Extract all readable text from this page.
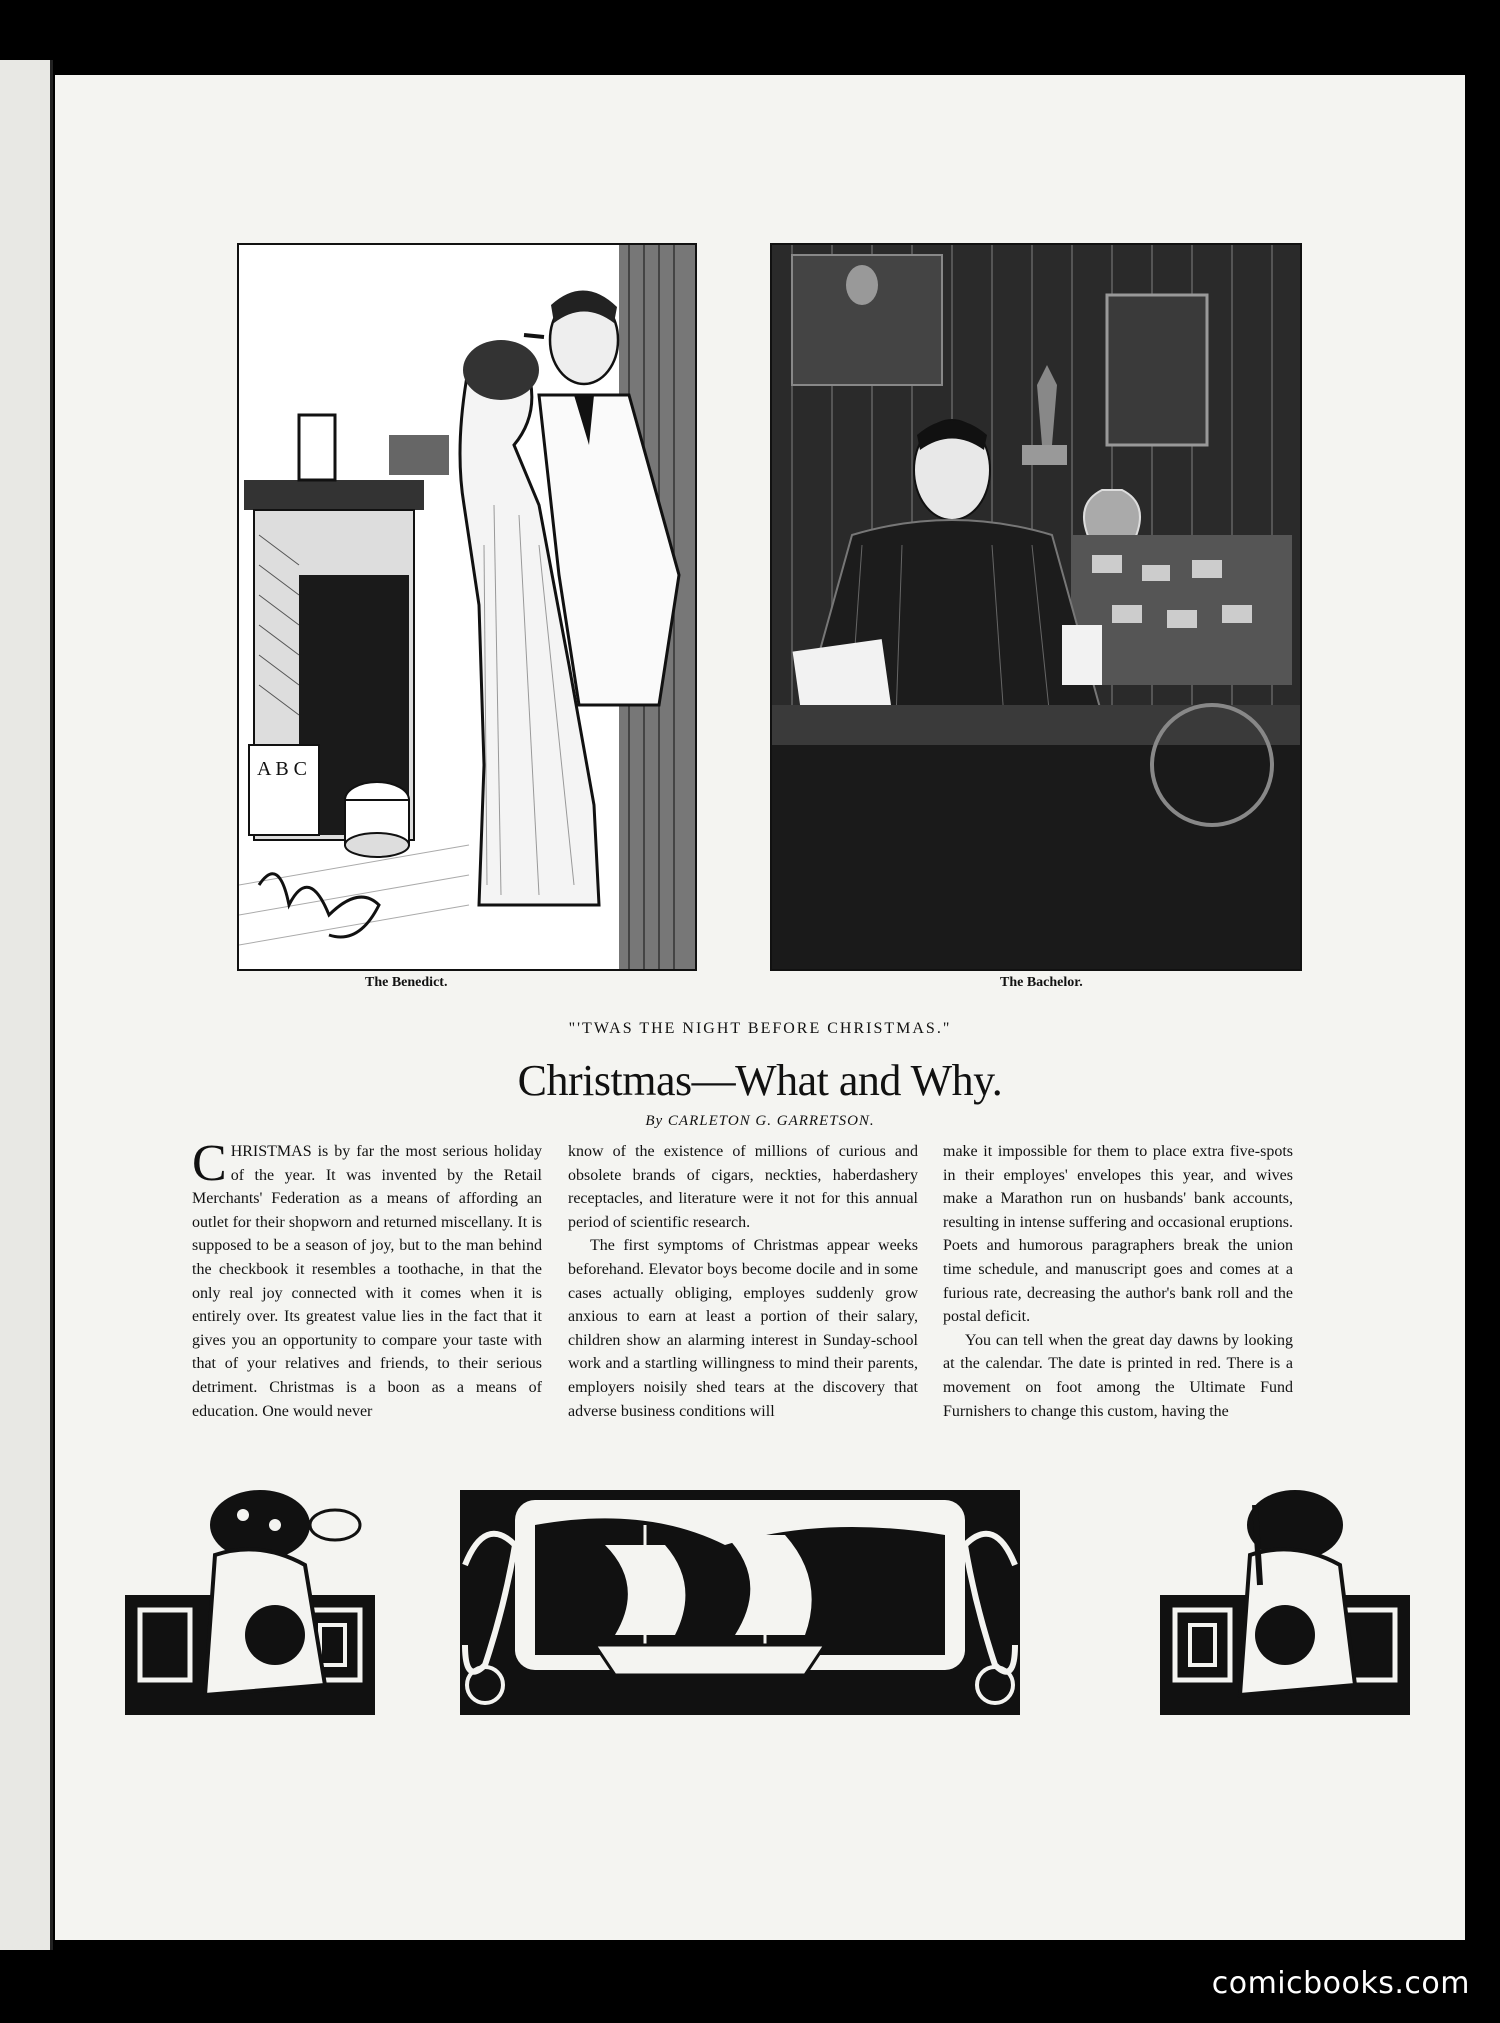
A B C
The Benedict.	The Bachelor.
"'TWAS THE NIGHT BEFORE CHRISTMAS."
Christmas—What and Why.
By CARLETON G. GARRETSON.

CHRISTMAS is by far the most serious holiday of the year. It was invented by the Retail Merchants' Federation as a means of affording an outlet for their shopworn and returned miscellany. It is supposed to be a season of joy, but to the man behind the checkbook it resembles a toothache, in that the only real joy connected with it comes when it is entirely over. Its greatest value lies in the fact that it gives you an opportunity to compare your taste with that of your relatives and friends, to their serious detriment. Christmas is a boon as a means of education. One would never

know of the existence of millions of curious and obsolete brands of cigars, neckties, haberdashery receptacles, and literature were it not for this annual period of scientific research.

The first symptoms of Christmas appear weeks beforehand. Elevator boys become docile and in some cases actually obliging, employes suddenly grow anxious to earn at least a portion of their salary, children show an alarming interest in Sunday-school work and a startling willingness to mind their parents, employers noisily shed tears at the discovery that adverse business conditions will

make it impossible for them to place extra five-spots in their employes' envelopes this year, and wives make a Marathon run on husbands' bank accounts, resulting in intense suffering and occasional eruptions. Poets and humorous paragraphers break the union time schedule, and manuscript goes and comes at a furious rate, decreasing the author's bank roll and the postal deficit.

You can tell when the great day dawns by looking at the calendar. The date is printed in red. There is a movement on foot among the Ultimate Fund Furnishers to change this custom, having the

comicbooks.com
